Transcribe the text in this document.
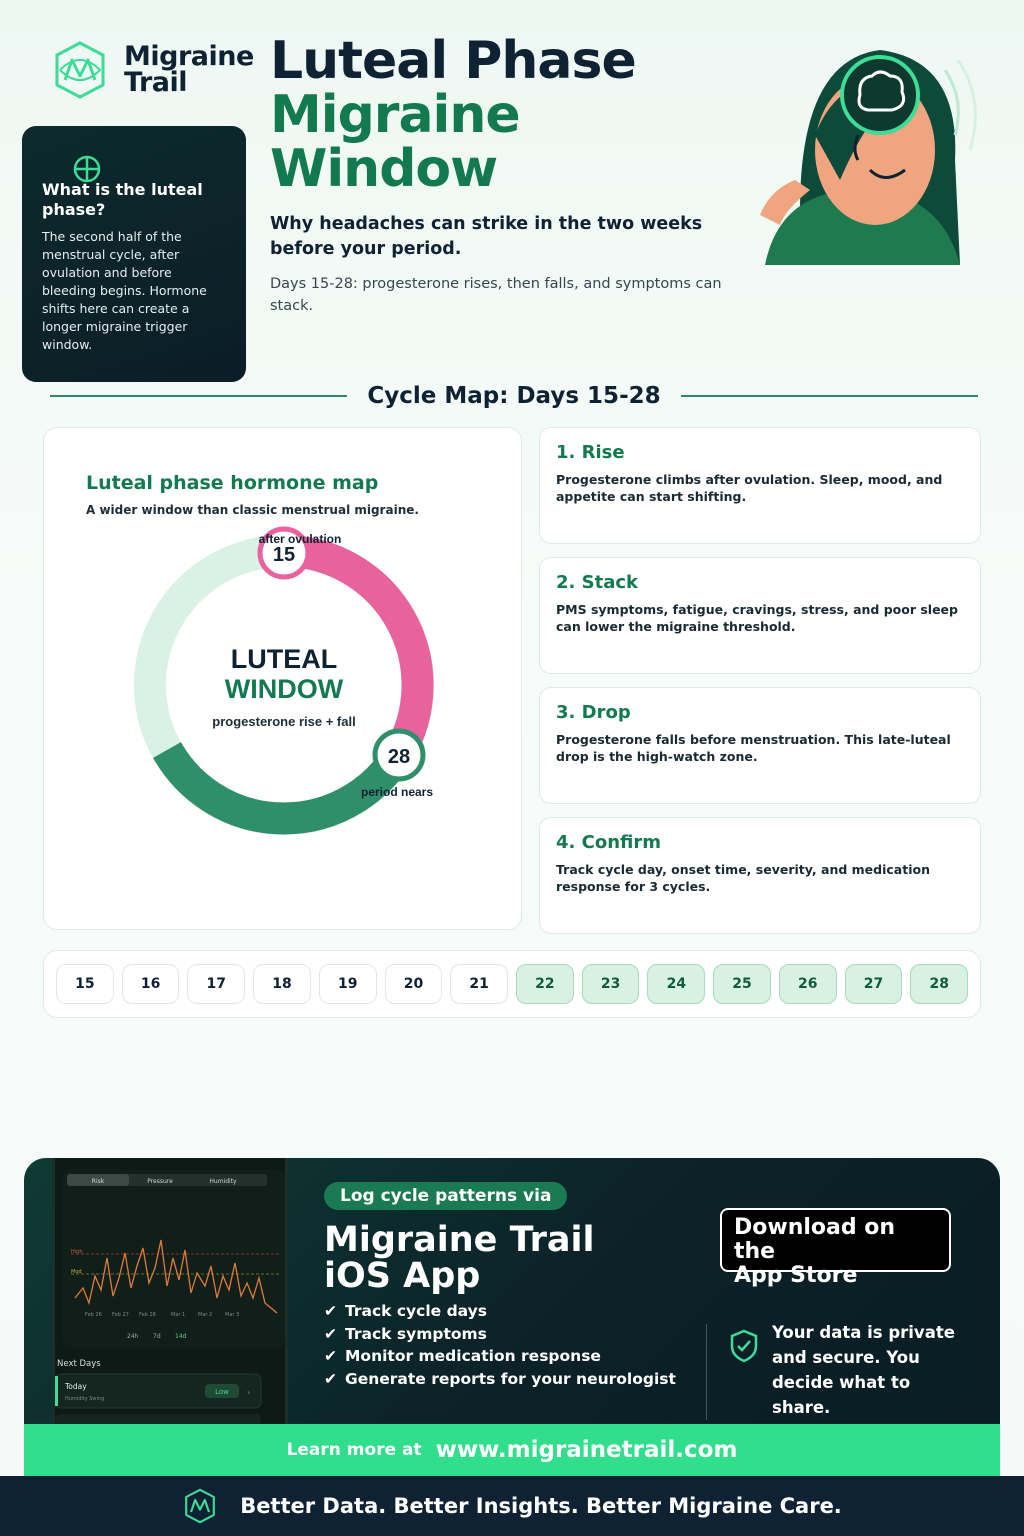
Migraine
Trail
What is the luteal phase?

The second half of the menstrual cycle, after ovulation and before bleeding begins. Hormone shifts here can create a longer migraine trigger window.

Luteal Phase
Migraine
Window
Why headaches can strike in the two weeks before your period.
Days 15-28: progesterone rises, then falls, and symptoms can stack.
Cycle Map: Days 15-28
Luteal phase hormone map
A wider window than classic menstrual migraine.
LUTEAL
WINDOW
progesterone rise + fall
15
after ovulation
28
period nears
1. Rise

Progesterone climbs after ovulation. Sleep, mood, and appetite can start shifting.

2. Stack

PMS symptoms, fatigue, cravings, stress, and poor sleep can lower the migraine threshold.

3. Drop

Progesterone falls before menstruation. This late-luteal drop is the high-watch zone.

4. Confirm

Track cycle day, onset time, severity, and medication response for 3 cycles.

15	16	17	18	19	20	21	22	23	24	25	26	27	28
Risk	Pressure	Humidity
High
Mod
Feb 26 Feb 27 Feb 28	Mar 1	Mar 2	Mar 3
24h 7d 14d
Next Days
Today
Humidity Swing
Low ›
Log cycle patterns via
Migraine Trail
iOS App
✔ Track cycle days
✔ Track symptoms
✔ Monitor medication response
✔ Generate reports for your neurologist
Download on the
App Store
Your data is private and secure. You decide what to share.
Learn more at www.migrainetrail.com
Better Data. Better Insights. Better Migraine Care.
